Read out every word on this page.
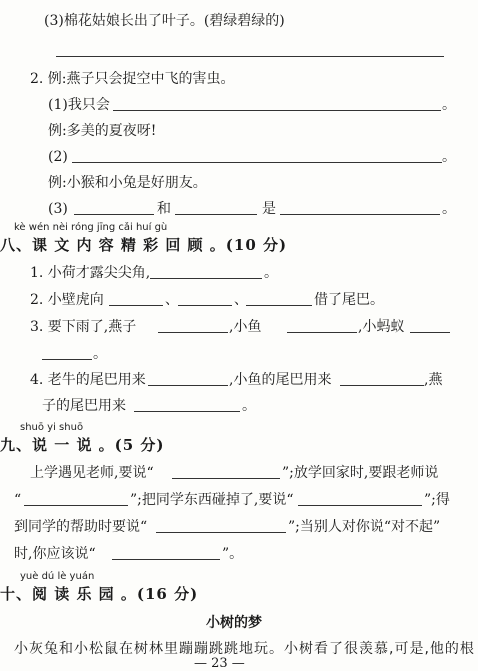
(3)棉花姑娘长出了叶子。(碧绿碧绿的)
2. 例:燕子只会捉空中飞的害虫。
(1)我只会	。
例:多美的夏夜呀!
(2)	。
例:小猴和小兔是好朋友。
(3)	和	是	。
kè wén nèi róng jīng cǎi huí gù
八、课 文 内 容 精 彩 回 顾 。(10 分)
1. 小荷才露尖尖角,	。
2. 小壁虎向	、	、	借了尾巴。
3. 要下雨了,燕子	,小鱼	,小蚂蚁
。
4. 老牛的尾巴用来	,小鱼的尾巴用来	,燕
子的尾巴用来	。
shuō yi shuō
九、说 一 说 。(5 分)
上学遇见老师,要说“	”;放学回家时,要跟老师说
“	”;把同学东西碰掉了,要说“	”;得
到同学的帮助时要说“	”;当别人对你说“对不起”
时,你应该说“	”。
yuè dú lè yuán
十、阅 读 乐 园 。(16 分)
小树的梦
小灰兔和小松鼠在树林里蹦蹦跳跳地玩。小树看了很羡慕,可是,他的根
— 23 —
